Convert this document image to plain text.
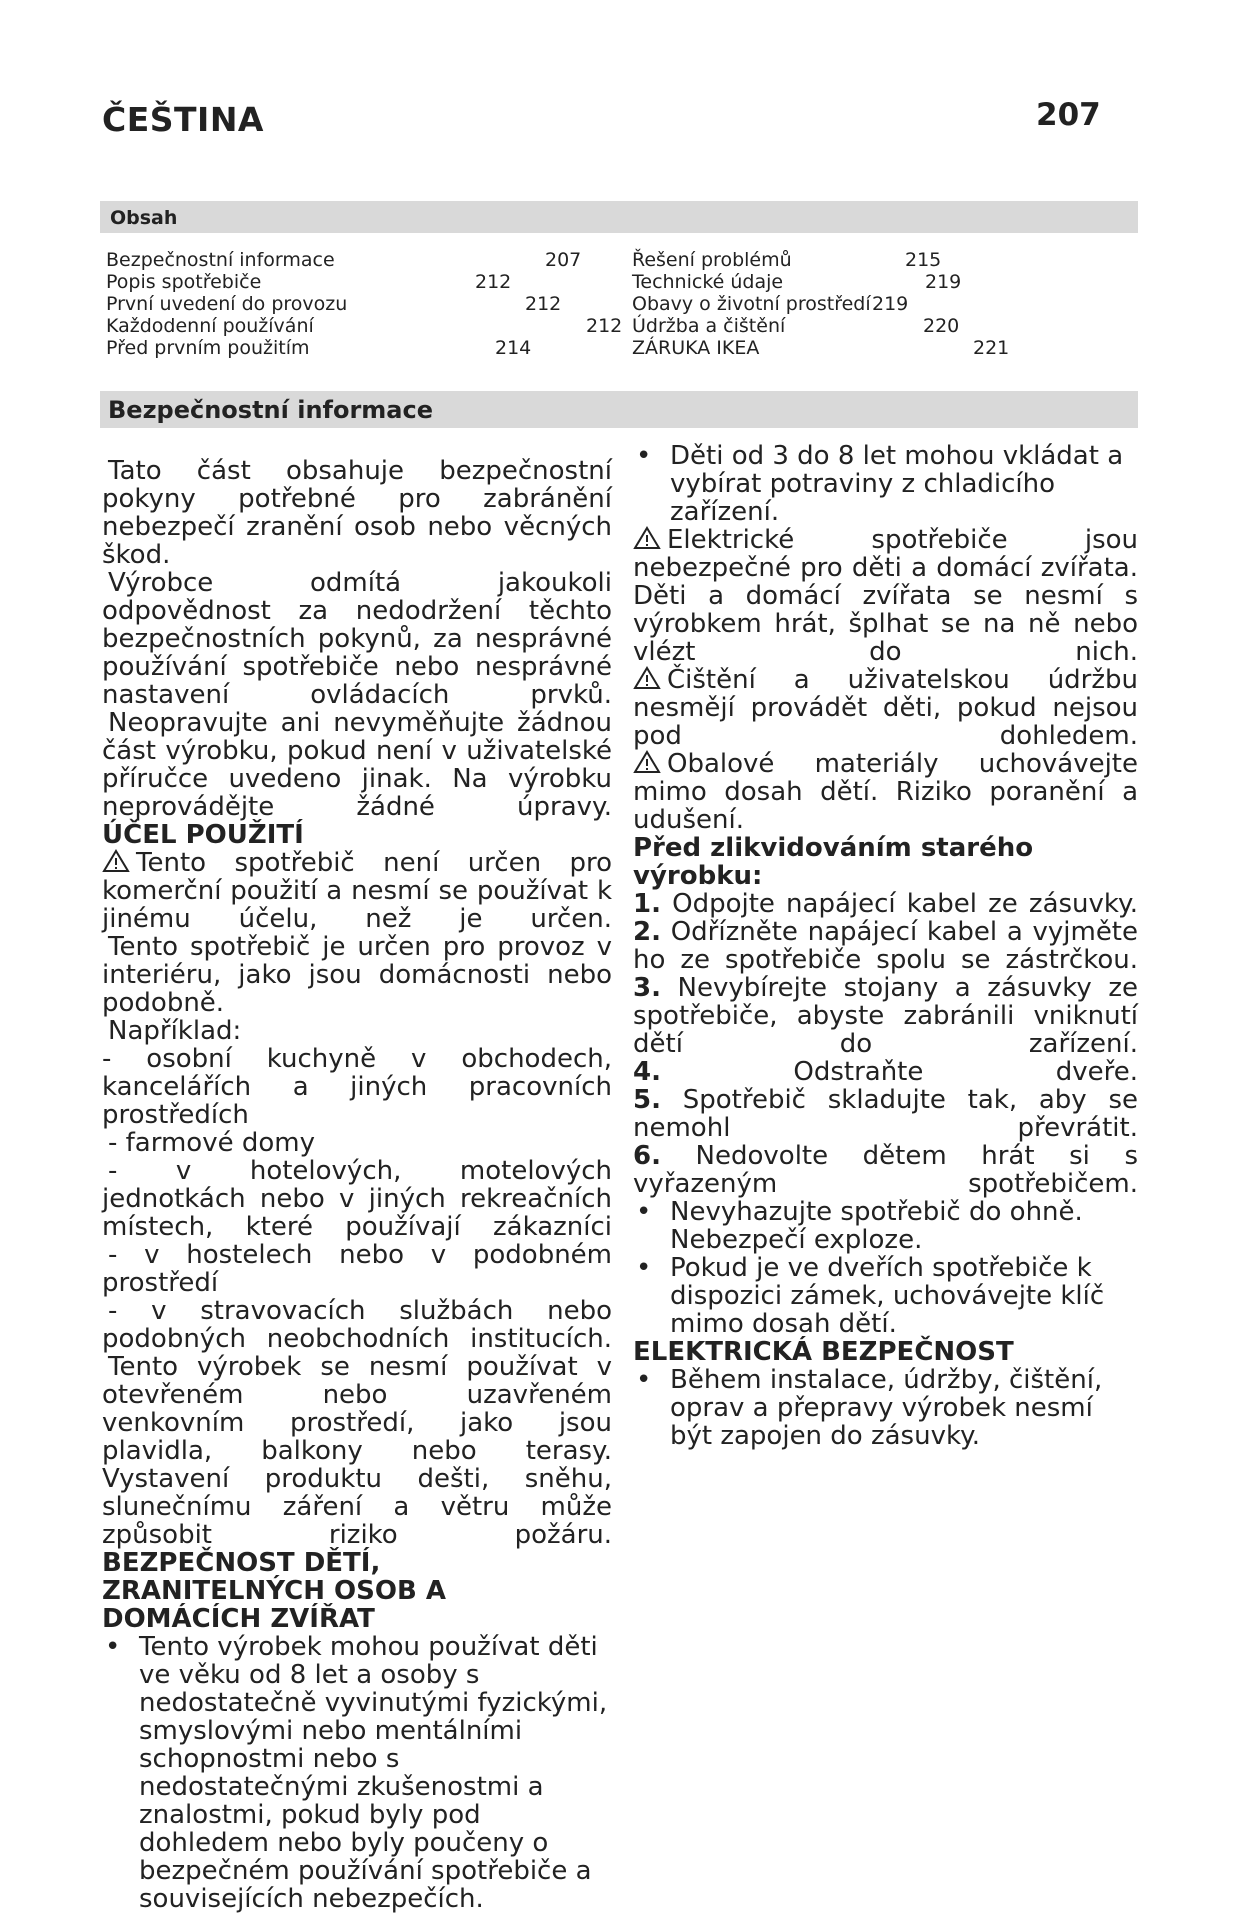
ČEŠTINA	207
Obsah
Bezpečnostní informace	207
Popis spotřebiče	212
První uvedení do provozu	212
Každodenní používání	212
Před prvním použitím	214
Řešení problémů	215
Technické údaje	219
Obavy o životní prostředí 219
Údržba a čištění	220
ZÁRUKA IKEA	221
Bezpečnostní informace

Tato část obsahuje bezpečnostní pokyny potřebné pro zabránění nebezpečí zranění osob nebo věcných škod.

Výrobce odmítá jakoukoli odpovědnost za nedodržení těchto bezpečnostních pokynů, za nesprávné používání spotřebiče nebo nesprávné nastavení ovládacích prvků.

Neopravujte ani nevyměňujte žádnou část výrobku, pokud není v uživatelské příručce uvedeno jinak. Na výrobku neprovádějte žádné úpravy.

ÚČEL POUŽITÍ

Tento spotřebič není určen pro komerční použití a nesmí se používat k jinému účelu, než je určen.

Tento spotřebič je určen pro provoz v interiéru, jako jsou domácnosti nebo podobně.

Například:

- osobní kuchyně v obchodech, kancelářích a jiných pracovních prostředích

- farmové domy

- v hotelových, motelových jednotkách nebo v jiných rekreačních místech, které používají zákazníci

- v hostelech nebo v podobném prostředí

- v stravovacích službách nebo podobných neobchodních institucích.

Tento výrobek se nesmí používat v otevřeném nebo uzavřeném venkovním prostředí, jako jsou plavidla, balkony nebo terasy. Vystavení produktu dešti, sněhu, slunečnímu záření a větru může způsobit riziko požáru.

BEZPEČNOST DĚTÍ, ZRANITELNÝCH OSOB A DOMÁCÍCH ZVÍŘAT

• Tento výrobek mohou používat děti ve věku od 8 let a osoby s nedostatečně vyvinutými fyzickými, smyslovými nebo mentálními schopnostmi nebo s nedostatečnými zkušenostmi a znalostmi, pokud byly pod dohledem nebo byly poučeny o bezpečném používání spotřebiče a souvisejících nebezpečích.

• Děti od 3 do 8 let mohou vkládat a vybírat potraviny z chladicího zařízení.

Elektrické spotřebiče jsou nebezpečné pro děti a domácí zvířata. Děti a domácí zvířata se nesmí s výrobkem hrát, šplhat se na ně nebo vlézt do nich.

Čištění a uživatelskou údržbu nesmějí provádět děti, pokud nejsou pod dohledem.

Obalové materiály uchovávejte mimo dosah dětí. Riziko poranění a udušení.

Před zlikvidováním starého výrobku:

1. Odpojte napájecí kabel ze zásuvky.

2. Odřízněte napájecí kabel a vyjměte ho ze spotřebiče spolu se zástrčkou.

3. Nevybírejte stojany a zásuvky ze spotřebiče, abyste zabránili vniknutí dětí do zařízení.

4.	Odstraňte dveře.

5. Spotřebič skladujte tak, aby se nemohl převrátit.

6. Nedovolte dětem hrát si s vyřazeným spotřebičem.

• Nevyhazujte spotřebič do ohně. Nebezpečí exploze.

• Pokud je ve dveřích spotřebiče k dispozici zámek, uchovávejte klíč mimo dosah dětí.

ELEKTRICKÁ BEZPEČNOST

• Během instalace, údržby, čištění, oprav a přepravy výrobek nesmí být zapojen do zásuvky.
